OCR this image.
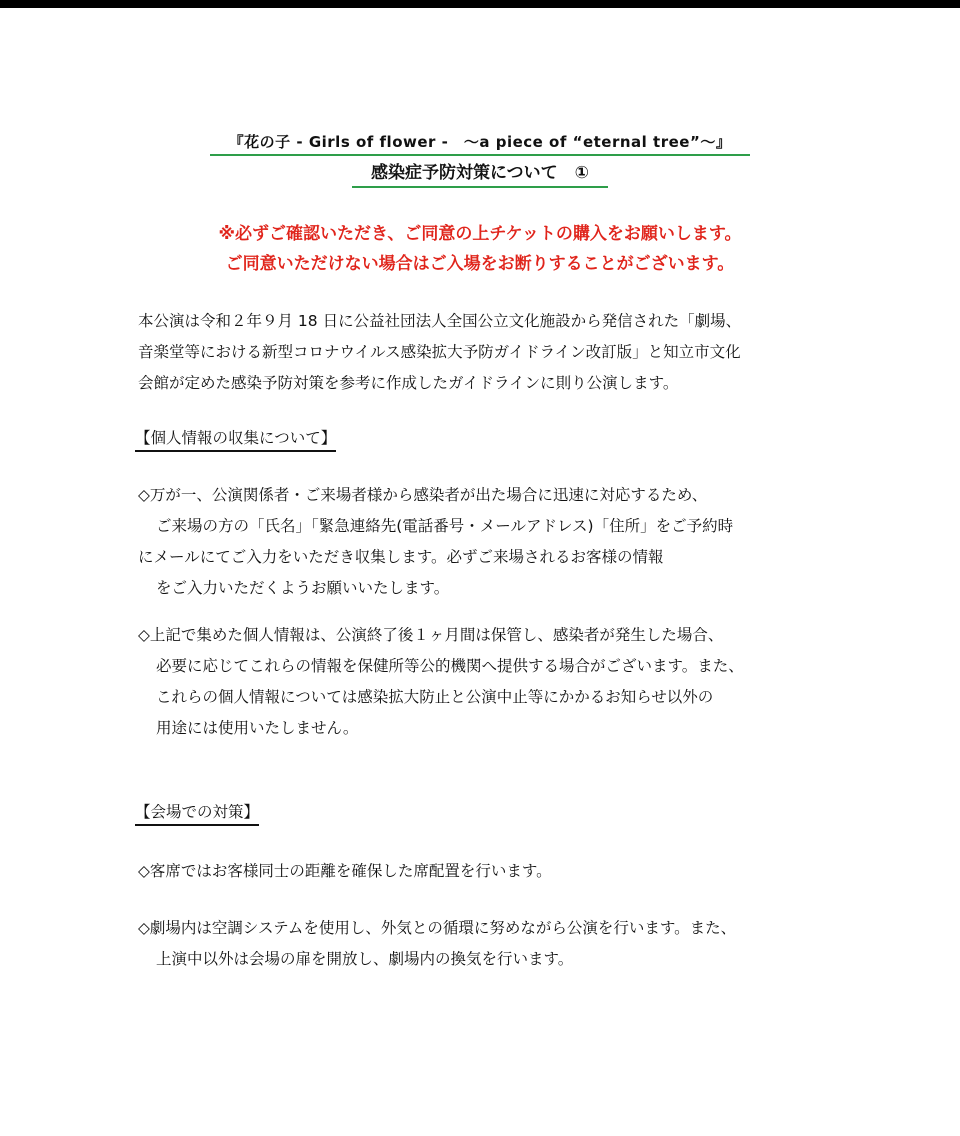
『花の子 - Girls of flower -　～a piece of “eternal tree”～』
感染症予防対策について　①
※必ずご確認いただき、ご同意の上チケットの購入をお願いします。
ご同意いただけない場合はご入場をお断りすることがございます。
本公演は令和２年９月 18 日に公益社団法人全国公立文化施設から発信された「劇場、
音楽堂等における新型コロナウイルス感染拡大予防ガイドライン改訂版」と知立市文化
会館が定めた感染予防対策を参考に作成したガイドラインに則り公演します。
【個人情報の収集について】
◇万が一、公演関係者・ご来場者様から感染者が出た場合に迅速に対応するため、
ご来場の方の「氏名」「緊急連絡先(電話番号・メールアドレス)「住所」をご予約時
にメールにてご入力をいただき収集します。必ずご来場されるお客様の情報
をご入力いただくようお願いいたします。
◇上記で集めた個人情報は、公演終了後１ヶ月間は保管し、感染者が発生した場合、
必要に応じてこれらの情報を保健所等公的機関へ提供する場合がございます。また、
これらの個人情報については感染拡大防止と公演中止等にかかるお知らせ以外の
用途には使用いたしません。
【会場での対策】
◇客席ではお客様同士の距離を確保した席配置を行います。
◇劇場内は空調システムを使用し、外気との循環に努めながら公演を行います。また、
上演中以外は会場の扉を開放し、劇場内の換気を行います。
